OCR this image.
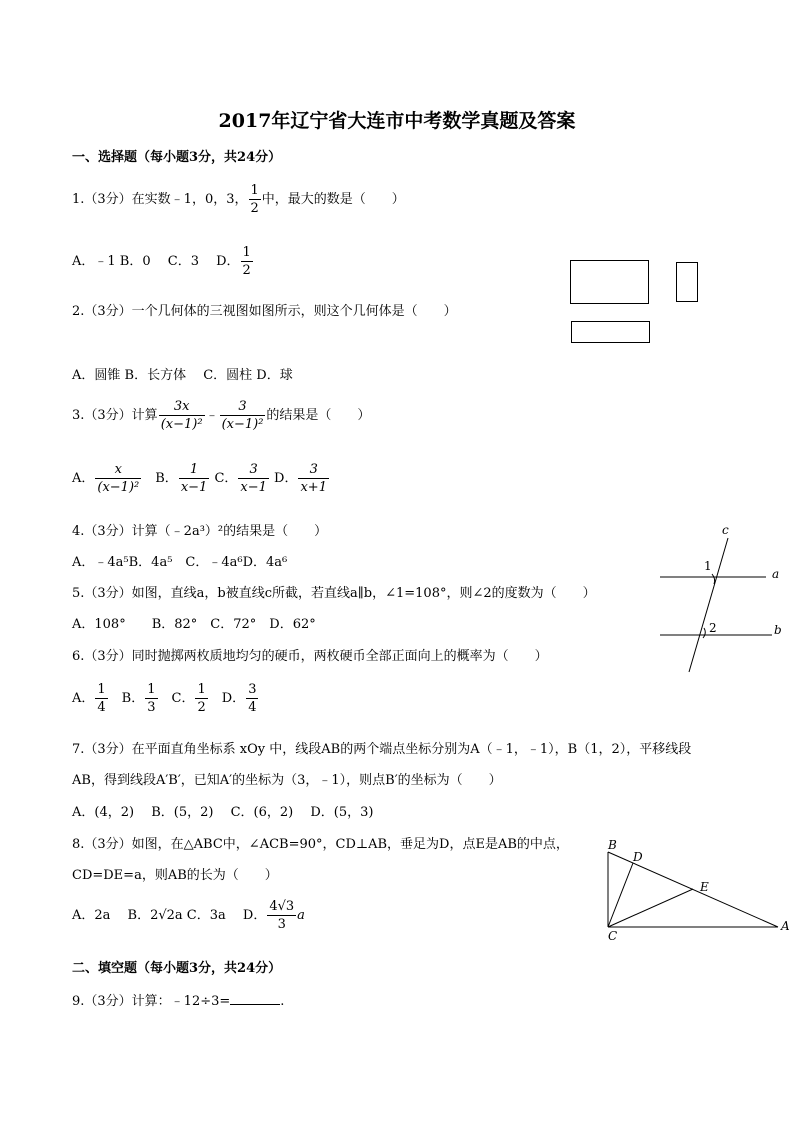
2017年辽宁省大连市中考数学真题及答案
一、选择题（每小题3分，共24分）
1.（3分）在实数﹣1，0，3， $\frac{1}{2}$ 中，最大的数是（　　）
A．﹣1 B．0　 C．3　 D． $\frac{1}{2}$
2.（3分）一个几何体的三视图如图所示，则这个几何体是（　　）
A．圆锥 B．长方体　 C．圆柱 D．球
3.（3分）计算 $\frac{3x}{\text{(x−1)²}}$ ﹣ $\frac{3}{\text{(x−1)²}}$ 的结果是（　　）
A． $\frac{x}{\text{(x−1)²}}$ 　B． $\frac{1}{x-1}$ C． $\frac{3}{x-1}$ D． $\frac{3}{x+1}$
4.（3分）计算（﹣2a³）²的结果是（　　）
A．﹣4a⁵B．4a⁵　C．﹣4a⁶D．4a⁶
c
a
b
1
2
5.（3分）如图，直线a，b被直线c所截，若直线a∥b，∠1=108°，则∠2的度数为（　　）
A．108°　　B．82°　C．72°　D．62°
6.（3分）同时抛掷两枚质地均匀的硬币，两枚硬币全部正面向上的概率为（　　）
A． $\frac{1}{4}$ 　B． $\frac{1}{3}$ 　C． $\frac{1}{2}$ 　D． $\frac{3}{4}$
7.（3分）在平面直角坐标系 xOy 中，线段AB的两个端点坐标分别为A（﹣1，﹣1），B（1，2），平移线段
AB，得到线段A′B′，已知A′的坐标为（3，﹣1），则点B′的坐标为（　　）
A．(4，2)　 B．(5，2)　 C．(6，2)　 D．(5，3)
8.（3分）如图，在△ABC中，∠ACB=90°，CD⊥AB，垂足为D，点E是AB的中点，
CD=DE=a，则AB的长为（　　）
A．2a　 B．2√2a C．3a　 D． $\frac{4√3}{3}$ a
B
D
E
C
A
二、填空题（每小题3分，共24分）
9.（3分）计算：﹣12÷3=	.
